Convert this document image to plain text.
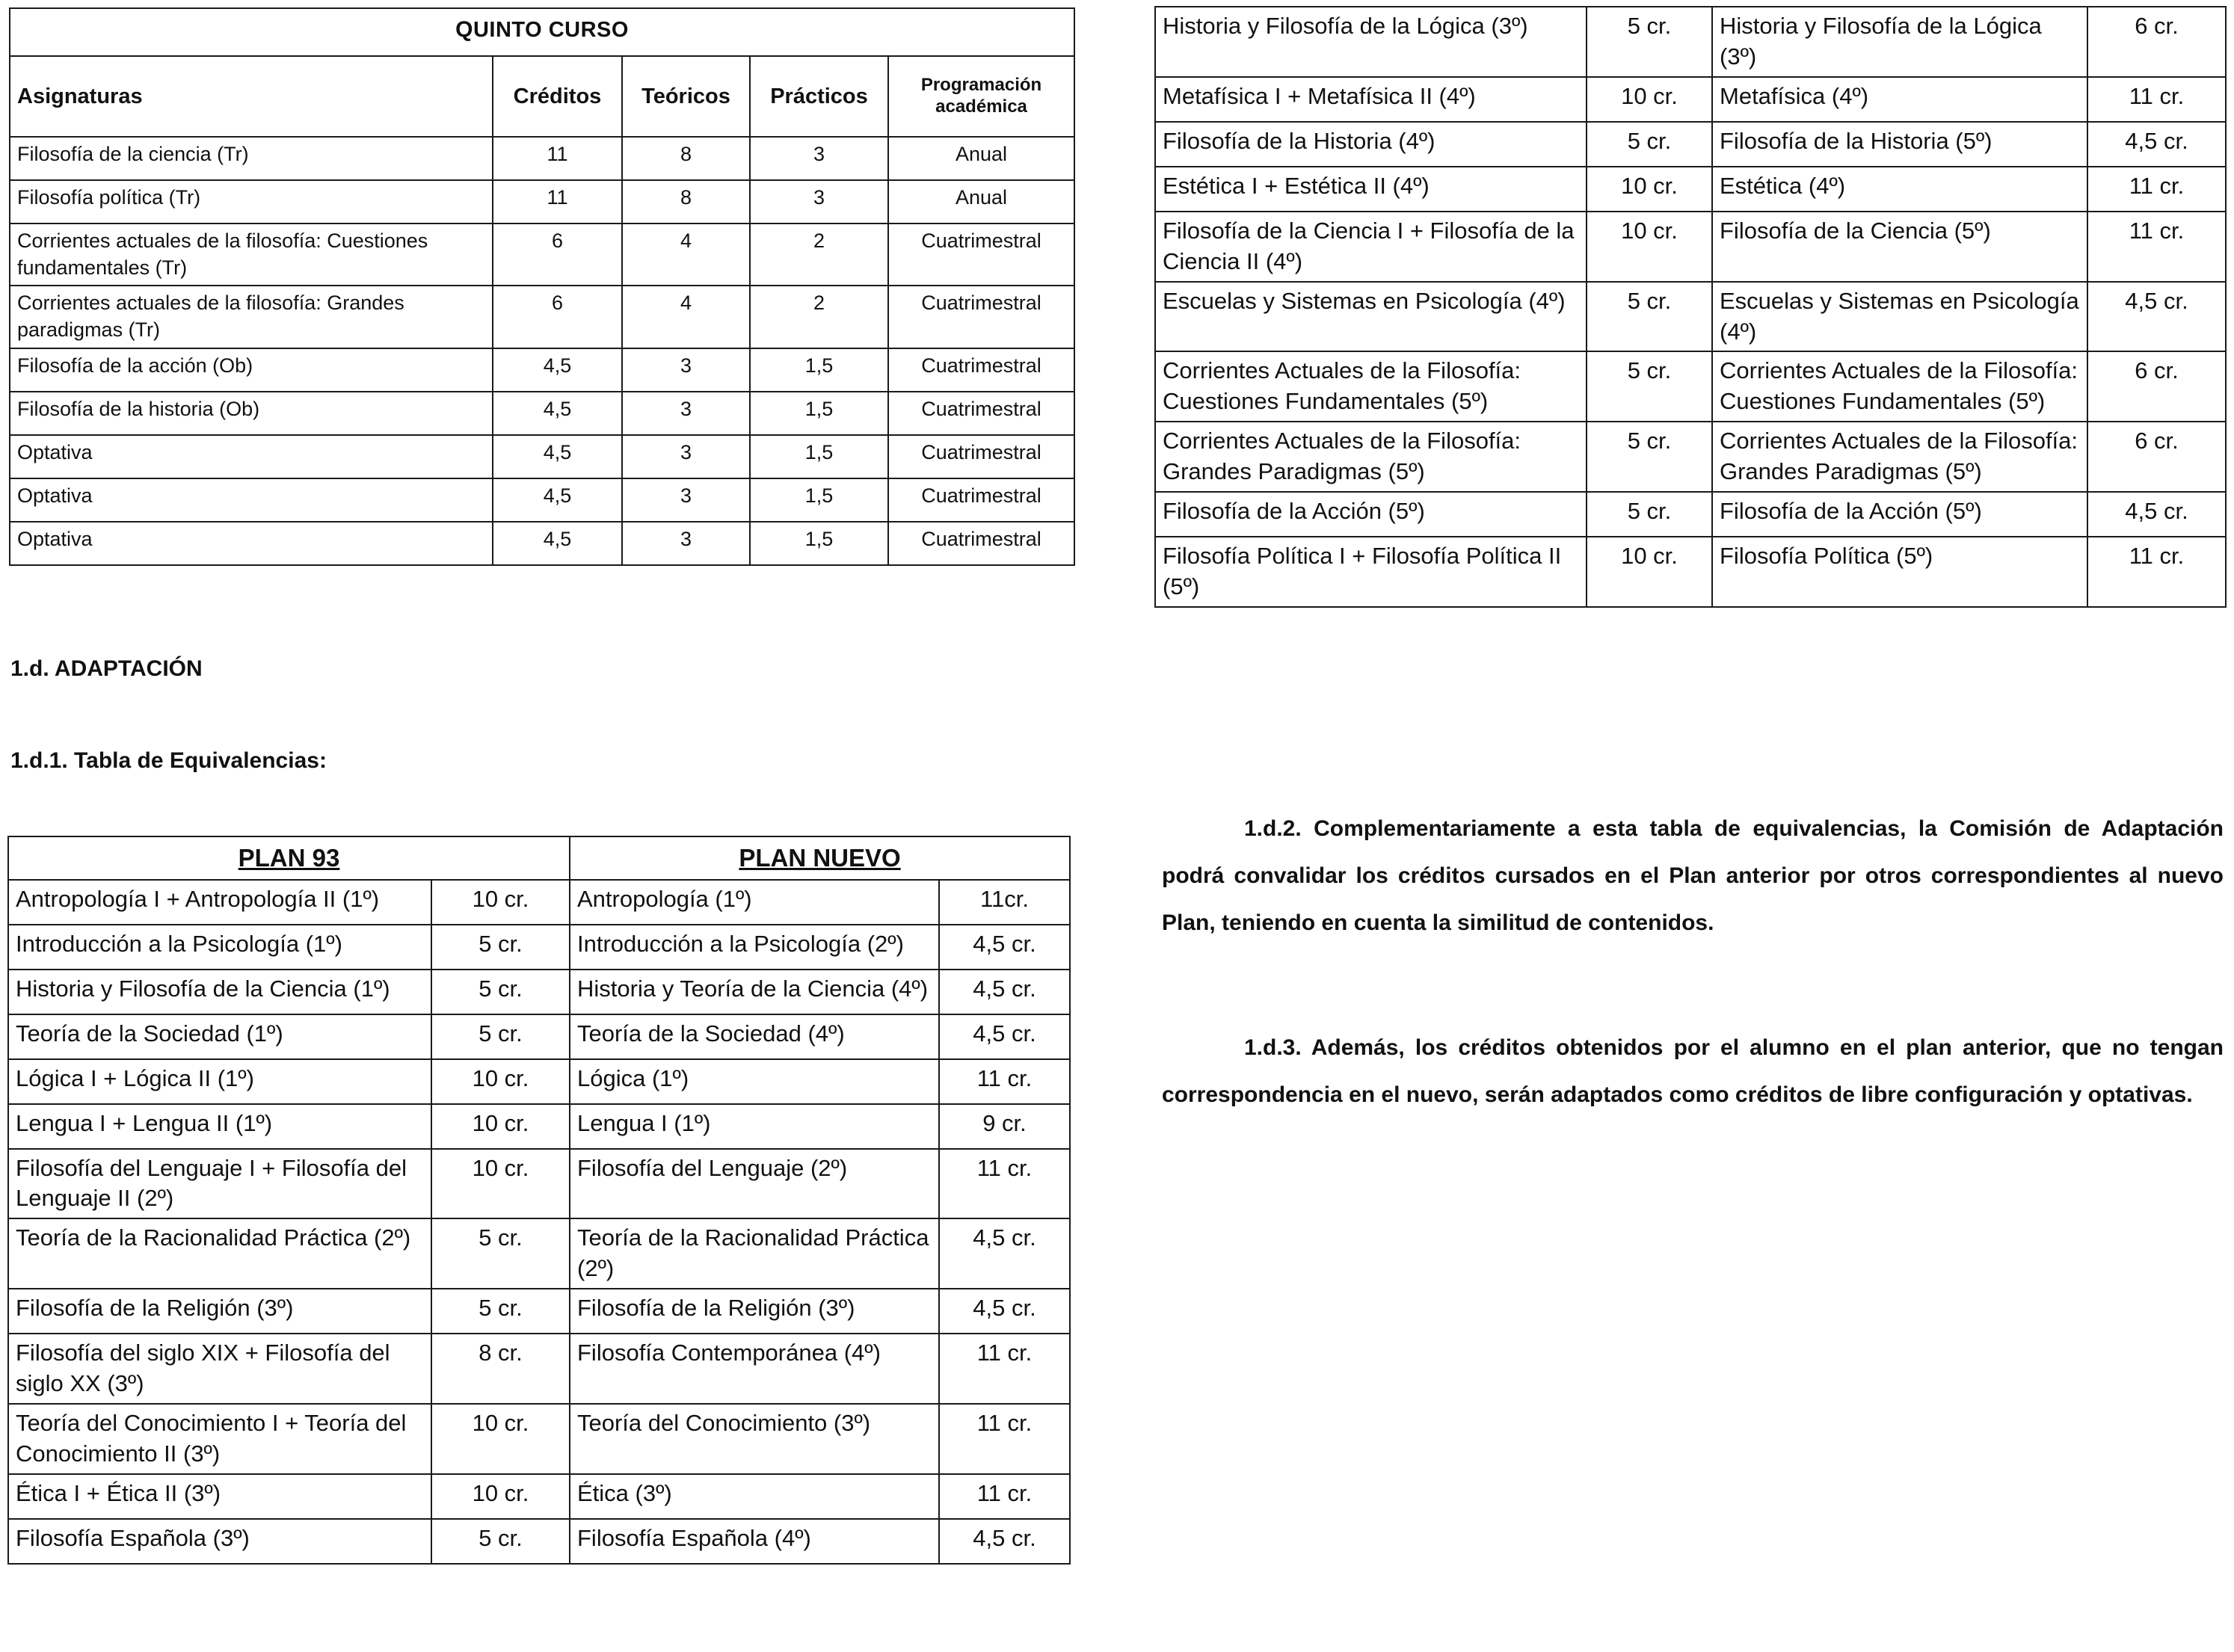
QUINTO CURSO				
Asignaturas	Créditos	Teóricos	Prácticos	Programación académica
Filosofía de la ciencia (Tr)	11	8	3	Anual
Filosofía política (Tr)	11	8	3	Anual
Corrientes actuales de la filosofía: Cuestiones fundamentales (Tr)	6	4	2	Cuatrimestral
Corrientes actuales de la filosofía: Grandes paradigmas (Tr)	6	4	2	Cuatrimestral
Filosofía de la acción (Ob)	4,5	3	1,5	Cuatrimestral
Filosofía de la historia (Ob)	4,5	3	1,5	Cuatrimestral
Optativa	4,5	3	1,5	Cuatrimestral
Optativa	4,5	3	1,5	Cuatrimestral
Optativa	4,5	3	1,5	Cuatrimestral

1.d. ADAPTACIÓN

1.d.1. Tabla de Equivalencias:

PLAN 93		PLAN NUEVO	
Antropología I + Antropología II (1º)	10 cr.	Antropología (1º)	11cr.
Introducción a la Psicología (1º)	5 cr.	Introducción a la Psicología (2º)	4,5 cr.
Historia y Filosofía de la Ciencia (1º)	5 cr.	Historia y Teoría de la Ciencia (4º)	4,5 cr.
Teoría de la Sociedad (1º)	5 cr.	Teoría de la Sociedad (4º)	4,5 cr.
Lógica I + Lógica II (1º)	10 cr.	Lógica (1º)	11 cr.
Lengua I + Lengua II (1º)	10 cr.	Lengua I (1º)	9 cr.
Filosofía del Lenguaje I + Filosofía del Lenguaje II (2º)	10 cr.	Filosofía del Lenguaje (2º)	11 cr.
Teoría de la Racionalidad Práctica (2º)	5 cr.	Teoría de la Racionalidad Práctica (2º)	4,5 cr.
Filosofía de la Religión (3º)	5 cr.	Filosofía de la Religión (3º)	4,5 cr.
Filosofía del siglo XIX + Filosofía del siglo XX (3º)	8 cr.	Filosofía Contemporánea (4º)	11 cr.
Teoría del Conocimiento I + Teoría del Conocimiento II (3º)	10 cr.	Teoría del Conocimiento (3º)	11 cr.
Ética I + Ética II (3º)	10 cr.	Ética (3º)	11 cr.
Filosofía Española (3º)	5 cr.	Filosofía Española (4º)	4,5 cr.
Historia y Filosofía de la Lógica (3º)	5 cr.	Historia y Filosofía de la Lógica (3º)	6 cr.
Metafísica I + Metafísica II (4º)	10 cr.	Metafísica (4º)	11 cr.
Filosofía de la Historia (4º)	5 cr.	Filosofía de la Historia (5º)	4,5 cr.
Estética I + Estética II (4º)	10 cr.	Estética (4º)	11 cr.
Filosofía de la Ciencia I + Filosofía de la Ciencia II (4º)	10 cr.	Filosofía de la Ciencia (5º)	11 cr.
Escuelas y Sistemas en Psicología (4º)	5 cr.	Escuelas y Sistemas en Psicología (4º)	4,5 cr.
Corrientes Actuales de la Filosofía: Cuestiones Fundamentales (5º)	5 cr.	Corrientes Actuales de la Filosofía: Cuestiones Fundamentales (5º)	6 cr.
Corrientes Actuales de la Filosofía: Grandes Paradigmas (5º)	5 cr.	Corrientes Actuales de la Filosofía: Grandes Paradigmas (5º)	6 cr.
Filosofía de la Acción (5º)	5 cr.	Filosofía de la Acción (5º)	4,5 cr.
Filosofía Política I + Filosofía Política II (5º)	10 cr.	Filosofía Política (5º)	11 cr.

1.d.2. Complementariamente a esta tabla de equivalencias, la Comisión de Adaptación podrá convalidar los créditos cursados en el Plan anterior por otros correspondientes al nuevo Plan, teniendo en cuenta la similitud de contenidos.

1.d.3. Además, los créditos obtenidos por el alumno en el plan anterior, que no tengan correspondencia en el nuevo, serán adaptados como créditos de libre configuración y optativas.
